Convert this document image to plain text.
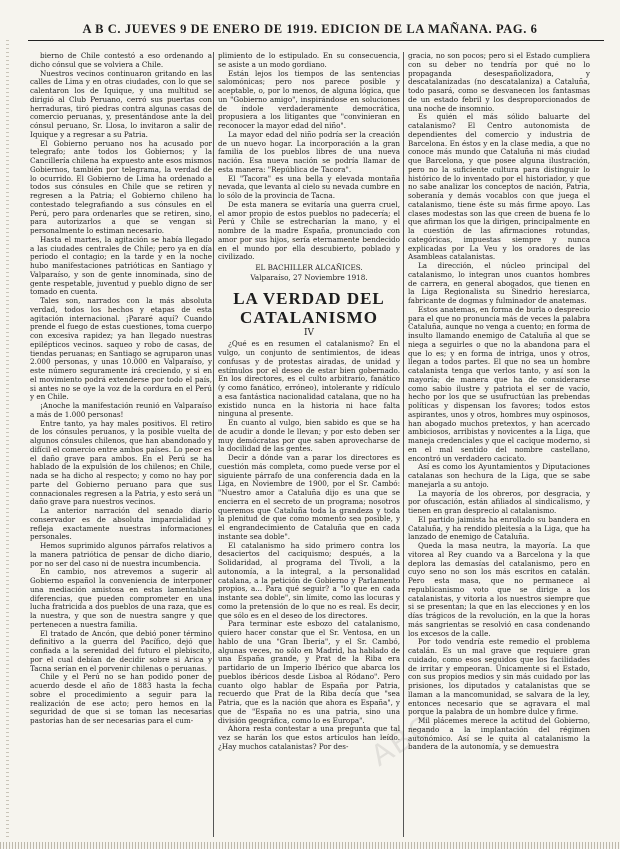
A B C. JUEVES 9 DE ENERO DE 1919. EDICION DE LA MAÑANA. PAG. 6

bierno de Chile contestó a eso ordenando a dicho cónsul que se volviera a Chile.

Nuestros vecinos continuaron gritando en las calles de Lima y en otras ciudades, con lo que se calentaron los de Iquique, y una multitud se dirigió al Club Peruano, cerró sus puertas con herraduras, tiró piedras contra algunas casas de comercio peruanas, y, presentándose ante la del cónsul peruano, Sr. Llosa, lo invitaron a salir de Iquique y a regresar a su Patria.

El Gobierno peruano nos ha acusado por telegrafo; ante todos los Gobiernos; y la Cancillería chilena ha expuesto ante esos mismos Gobiernos, también por telegrama, la verdad de lo ocurrido. El Gobierno de Lima ha ordenado a todos sus cónsules en Chile que se retiren y regresen a la Patria; el Gobierno chileno ha contestado telegrafiando a sus cónsules en el Perú, pero para ordenarles que se retiren, sino, para autorizarlos a que se vengan si personalmente lo estiman necesario.

Hasta el martes, la agitación se había llegado a las ciudades centrales de Chile; pero ya en día periodo el contagio; en la tarde y en la noche hubo manifestaciones patrióticas en Santiago y Valparaíso, y son de gente innominada, sino de gente respetable, juventud y pueblo digno de ser tomado en cuenta.

Tales son, narrados con la más absoluta verdad, todos los hechos y etapas de esta agitación internacional. ¡Pararé aquí? Cuando prende el fuego de estas cuestiones, toma cuerpo con excesiva rapidez; ya han llegado nuestras epilépticos vecinos. saqueo y robo de casas, de tiendas peruanas; en Santiago se agruparon unas 2.000 personas, y unas 10.000 en Valparaíso, y este número seguramente irá creciendo, y si en el movimiento podrá extenderse por todo el país, si antes no se oye la voz de la cordura en el Perú y en Chile.

¡Anoche la manifestación reunió en Valparaíso a más de 1.000 personas!

Entre tanto, ya hay males positivos. El retiro de los cónsules peruanos, y la posible vuelta de algunos cónsules chilenos, que han abandonado y difícil el comercio entre ambos países. Lo peor es el daño grave para ambos. En el Perú se ha hablado de la expulsión de los chilenos; en Chile, nada se ha dicho al respecto; y como no hay por parte del Gobierno peruano para que sus connacionales regresen a la Patria, y esto será un daño grave para nuestros vecinos.

La anterior narración del senado diario conservador es de absoluta imparcialidad y refleja exactamente nuestras informaciones personales.

Hemos suprimido algunos párrafos relativos a la manera patriótica de pensar de dicho diario, por no ser del caso ni de nuestra incumbencia.

En cambio, nos atrevemos a sugerir al Gobierno español la conveniencia de interponer una mediación amistosa en estas lamentables diferencias, que pueden comprometer en una lucha fratricida a dos pueblos de una raza, que es la nuestra, y que son de nuestra sangre y que pertenecen a nuestra familia.

El tratado de Ancón, que debió poner término definitivo a la guerra del Pacífico, dejó que confiada a la serenidad del futuro el plebiscito, por el cual debían de decidir sobre si Arica y Tacna serían en el porvenir chilenas o peruanas.

Chile y el Perú no se han podido poner de acuerdo desde el año de 1883 hasta la fecha sobre el procedimiento a seguir para la realización de ese acto; pero hemos en la seguridad de que si se toman las necesarias pastorias han de ser necesarias para el cum-

plimiento de lo estipulado. En su consecuencia, se asiste a un modo gordiano.

Están lejos los tiempos de las sentencias salomónicas; pero nos parece posible y aceptable, o, por lo menos, de alguna lógica, que un "Gobierno amigo", inspirándose en soluciones de índole verdaderamente democrática, propusiera a los litigantes que "convinieran en reconocer la mayor edad del niño".

La mayor edad del niño podría ser la creación de un nuevo hogar. La incorporación a la gran familia de los pueblos libres de una nueva nación. Esa nueva nación se podría llamar de esta manera: "República de Tacora".

El "Tacora" es una bella y elevada montaña nevada, que levanta al cielo su nevada cumbre en lo sólo de la provincia de Tacna.

De esta manera se evitaría una guerra cruel, el amor propio de estos pueblos no padecería; el Perú y Chile se estrecharían la mano, y el nombre de la madre España, pronunciado con amor por sus hijos, sería eternamente bendecido en el mundo por ella descubierto, poblado y civilizado.

EL BACHILLER ALCAÑICES.
Valparaíso, 27 Noviembre 1918.
LA VERDAD DEL CATALANISMO
IV

¿Qué es en resumen el catalanismo? En el vulgo, un conjunto de sentimientos, de ideas confusas y de protestas airadas, de unidad y estímulos por el deseo de estar bien gobernado. En los directores, es el culto arbitrario, fanático (y como fanático, erróneo), intolerante y ridículo a esa fantástica nacionalidad catalana, que no ha existido nunca en la historia ni hace falta ninguna al presente.

En cuanto al vulgo, bien sabido es que se ha de acudir a donde le llevan; y por esto deben ser muy demócratas por que saben aprovecharse de la docilidad de las gentes.

Decir a dónde van a parar los directores es cuestión más completa, como puede verse por el siguiente párrafo de una conferencia dada en la Liga, en Noviembre de 1900, por el Sr. Cambó: "Nuestro amor a Cataluña dijo es una que se encierra en el secreto de un programa; nosotros queremos que Cataluña toda la grandeza y toda la plenitud de que como momento sea posible, y el engrandecimiento de Cataluña que en cada instante sea doble".

El catalanismo ha sido primero contra los desaciertos del caciquismo; después, a la Solidaridad, al programa del Tívoli, a la autonomía, a la integral, a la personalidad catalana, a la petición de Gobierno y Parlamento propios, a... Para qué seguir? a "lo que en cada instante sea doble", sin límite, como las locuras y como la pretensión de lo que no es real. Es decir, que sólo es en el deseo de los directores.

Para terminar este esbozo del catalanismo, quiero hacer constar que el Sr. Ventosa, en un hablo de una "Gran Iberia", y el Sr. Cambó, algunas veces, no sólo en Madrid, ha hablado de una España grande, y Prat de la Riba era partidario de un Imperio Ibérico que abarca los pueblos ibéricos desde Lisboa al Ródano". Pero cuanto olgo hablar de España por Patria, recuerdo que Prat de la Riba decía que "sea Patria, que es la nación que ahora es España", y que de "España no es una patria, sino una división geográfica, como lo es Europa".

Ahora resta contestar a una pregunta que tal vez se harán los que estos artículos han leído. ¿Hay muchos catalanistas? Por des-

gracia, no son pocos; pero si el Estado cumpliera con su deber no tendría por qué no lo propaganda desespañolizadora, y descatalanizadas (no descatalaniza) a Cataluña, todo pasará, como se desvanecen los fantasmas de un estado febril y los desproporcionados de una noche de insomnio.

Es quién el más sólido baluarte del catalanismo? El Centro autonomista de dependientes del comercio y industria de Barcelona. En éstos y en la clase media, a que no conoce más mundo que Cataluña ni más ciudad que Barcelona, y que posee alguna ilustración, pero no la suficiente cultura para distinguir lo histórico de lo inventado por el historiador, y que no sabe analizar los conceptos de nación, Patria, soberanía y demás vocablos con que juega el catalanismo, tiene éste su más firme apoyo. Las clases modestas son las que creen de buena fe lo que afirman los que la dirigen, principalmente en la cuestión de las afirmaciones rotundas, categóricas, impuestas siempre y nunca explicadas por La Veu y los oradores de las Asambleas catalanistas.

La dirección, el núcleo principal del catalanismo, lo integran unos cuantos hombres de carrera, en general abogados, que tienen en la Liga Regionalista su Sinedrio heresiarca, fabricante de dogmas y fulminador de anatemas.

Estos anatemas, en forma de burla o desprecio para el que no pronuncia más de veces la palabra Cataluña, aunque no venga a cuento; en forma de insulto llamando enemigo de Cataluña al que se niega a seguirles o que no la abandona para el que lo es; y en forma de intriga, unos y otros, llegan a todos partes. El que no sea un hombre catalanista tenga que verlos tanto, y así son la mayoría; de manera que ha de considerarse como sabio ilustre y patriota el ser de vacío, hecho por los que se usufructúan las prebendas políticas y dispensan los favores; todos estos aspirantes, unos y otros, hombres muy ospinosos, han abogado muchos pretextos, y han acercado ambiciosos, arribistas y novicentes a la Liga, que maneja credenciales y que el cacique moderno, si en el mal sentido del nombre castellano, encontró un verdadero cacicato.

Así es como los Ayuntamientos y Diputaciones catalanas son hechura de la Liga, que se sabe manejarla a su antojo.

La mayoría de los obreros, por desgracia, y por ofuscación, están afiliados al sindicalismo, y tienen en gran desprecio al catalanismo.

El partido jaimista ha enrollado su bandera en Cataluña, y ha rendido pleitesía a la Liga, que ha lanzado de enemigo de Cataluña.

Queda la masa neutra, la mayoría. La que vitorea al Rey cuando va a Barcelona y la que deplora las demasías del catalanismo, pero en cuyo seno no son los más escritos en catalán. Pero esta masa, que no permanece al republicanismo voto que se dirige a los catalanistas, y vitoria a los nuestros siempre que si se presentan; la que en las elecciones y en los días trágicos de la revolución, en la que la horas más sangrientas se resolvió en casa condenando los excesos de la calle.

Por todo vendría este remedio el problema catalán. Es un mal grave que requiere gran cuidado, como esos seguidos que los facilidades de irritar y empeoran. Únicamente si el Estado, con sus propios medios y sin más cuidado por las prisiones, los diputados y catalanistas que se llaman a la mancomunidad, se salvara de la ley, entonces necesario que se agravara el mal porque la palabra de un hombre dulce y firme.

Mil plácemes merece la actitud del Gobierno, negando a la implantación del régimen autonómico. Así se le quita al catalanismo la bandera de la autonomía, y se demuestra

ABC
